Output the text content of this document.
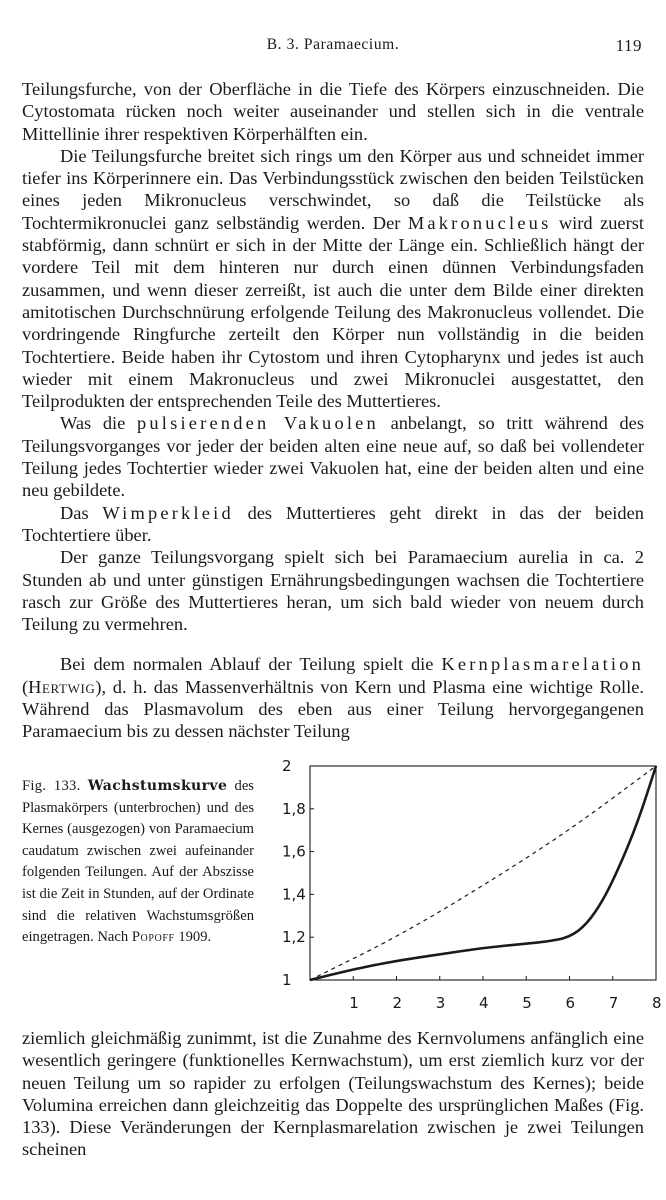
B. 3. Paramaecium.	119

Teilungsfurche, von der Oberfläche in die Tiefe des Körpers einzuschneiden. Die Cytostomata rücken noch weiter auseinander und stellen sich in die ventrale Mittellinie ihrer respektiven Körperhälften ein.

Die Teilungsfurche breitet sich rings um den Körper aus und schneidet immer tiefer ins Körperinnere ein. Das Verbindungsstück zwischen den beiden Teilstücken eines jeden Mikronucleus verschwindet, so daß die Teilstücke als Tochtermikronuclei ganz selbständig werden. Der Makronucleus wird zuerst stabförmig, dann schnürt er sich in der Mitte der Länge ein. Schließlich hängt der vordere Teil mit dem hinteren nur durch einen dünnen Verbindungsfaden zusammen, und wenn dieser zerreißt, ist auch die unter dem Bilde einer direkten amitotischen Durchschnürung erfolgende Teilung des Makronucleus vollendet. Die vordringende Ringfurche zerteilt den Körper nun vollständig in die beiden Tochtertiere. Beide haben ihr Cytostom und ihren Cytopharynx und jedes ist auch wieder mit einem Makronucleus und zwei Mikronuclei ausgestattet, den Teilprodukten der entsprechenden Teile des Muttertieres.

Was die pulsierenden Vakuolen anbelangt, so tritt während des Teilungsvorganges vor jeder der beiden alten eine neue auf, so daß bei vollendeter Teilung jedes Tochtertier wieder zwei Vakuolen hat, eine der beiden alten und eine neu gebildete.

Das Wimperkleid des Muttertieres geht direkt in das der beiden Tochtertiere über.

Der ganze Teilungsvorgang spielt sich bei Paramaecium aurelia in ca. 2 Stunden ab und unter günstigen Ernährungsbedingungen wachsen die Tochtertiere rasch zur Größe des Muttertieres heran, um sich bald wieder von neuem durch Teilung zu vermehren.

Bei dem normalen Ablauf der Teilung spielt die Kernplasmarelation (Hertwig), d. h. das Massenverhältnis von Kern und Plasma eine wichtige Rolle. Während das Plasmavolum des eben aus einer Teilung hervorgegangenen Paramaecium bis zu dessen nächster Teilung

Fig. 133. Wachstumskurve des Plasmakörpers (unterbrochen) und des Kernes (ausgezogen) von Paramaecium caudatum zwischen zwei aufeinander folgenden Teilungen. Auf der Abszisse ist die Zeit in Stunden, auf der Ordinate sind die relativen Wachstumsgrößen eingetragen. Nach Popoff 1909.
1
1,2
1,4
1,6
1,8
2
1 2 3 4 5 6 7 8

ziemlich gleichmäßig zunimmt, ist die Zunahme des Kernvolumens anfänglich eine wesentlich geringere (funktionelles Kernwachstum), um erst ziemlich kurz vor der neuen Teilung um so rapider zu erfolgen (Teilungswachstum des Kernes); beide Volumina erreichen dann gleichzeitig das Doppelte des ursprünglichen Maßes (Fig. 133). Diese Veränderungen der Kernplasmarelation zwischen je zwei Teilungen scheinen
